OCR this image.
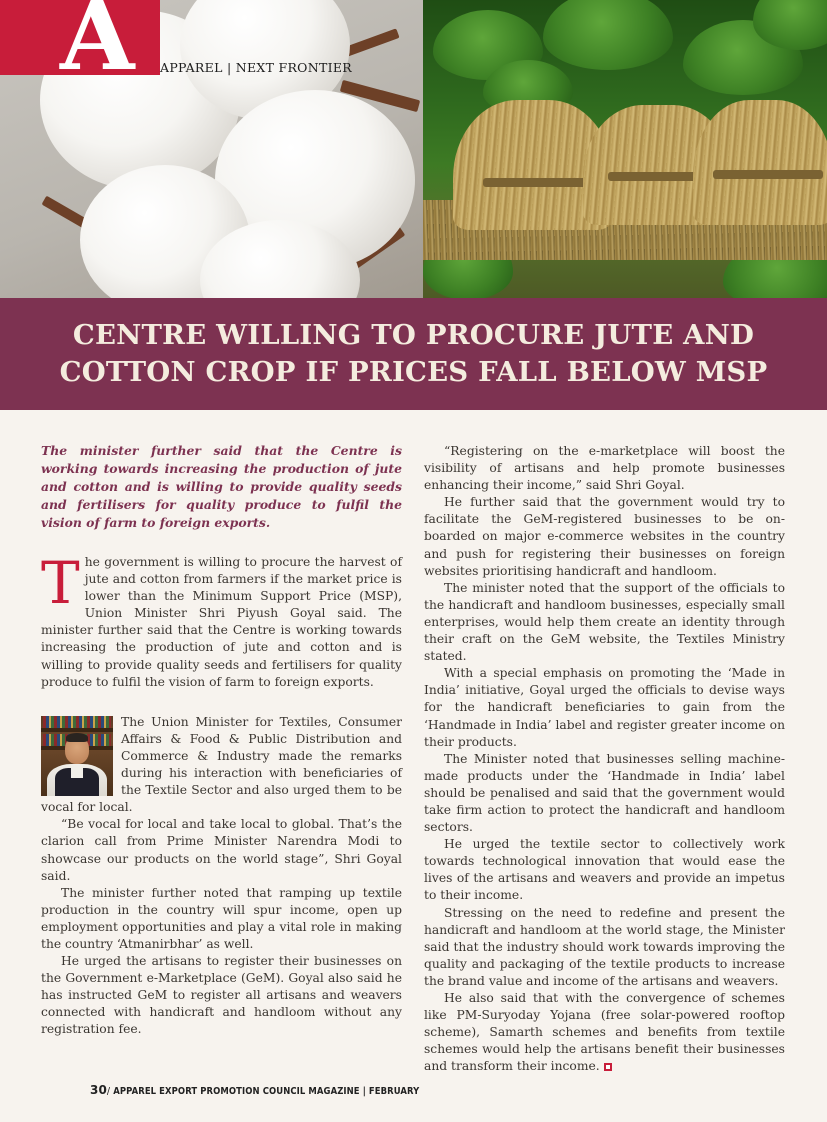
A APPAREL | NEXT FRONTIER
CENTRE WILLING TO PROCURE JUTE AND
COTTON CROP IF PRICES FALL BELOW MSP

The minister further said that the Centre is working towards increasing the production of jute and cotton and is willing to provide quality seeds and fertilisers for quality produce to fulfil the vision of farm to foreign exports.

The government is willing to procure the harvest of jute and cotton from farmers if the market price is lower than the Minimum Support Price (MSP), Union Minister Shri Piyush Goyal said. The minister further said that the Centre is working towards increasing the production of jute and cotton and is willing to provide quality seeds and fertilisers for quality produce to fulfil the vision of farm to foreign exports.

The Union Minister for Textiles, Consumer Affairs & Food & Public Distribution and Commerce & Industry made the remarks during his interaction with beneficiaries of the Textile Sector and also urged them to be vocal for local.

“Be vocal for local and take local to global. That’s the clarion call from Prime Minister Narendra Modi to showcase our products on the world stage”, Shri Goyal said.

The minister further noted that ramping up textile production in the country will spur income, open up employment opportunities and play a vital role in making the country ‘Atmanirbhar’ as well.

He urged the artisans to register their businesses on the Government e-Marketplace (GeM). Goyal also said he has instructed GeM to register all artisans and weavers connected with handicraft and handloom without any registration fee.

“Registering on the e-marketplace will boost the visibility of artisans and help promote businesses enhancing their income,” said Shri Goyal.

He further said that the government would try to facilitate the GeM-registered businesses to be on-boarded on major e-commerce websites in the country and push for registering their businesses on foreign websites prioritising handicraft and handloom.

The minister noted that the support of the officials to the handicraft and handloom businesses, especially small enterprises, would help them create an identity through their craft on the GeM website, the Textiles Ministry stated.

With a special emphasis on promoting the ‘Made in India’ initiative, Goyal urged the officials to devise ways for the handicraft beneficiaries to gain from the ‘Handmade in India’ label and register greater income on their products.

The Minister noted that businesses selling machine-made products under the ‘Handmade in India’ label should be penalised and said that the government would take firm action to protect the handicraft and handloom sectors.

He urged the textile sector to collectively work towards technological innovation that would ease the lives of the artisans and weavers and provide an impetus to their income.

Stressing on the need to redefine and present the handicraft and handloom at the world stage, the Minister said that the industry should work towards improving the quality and packaging of the textile products to increase the brand value and income of the artisans and weavers.

He also said that with the convergence of schemes like PM-Suryoday Yojana (free solar-powered rooftop scheme), Samarth schemes and benefits from textile schemes would help the artisans benefit their businesses and transform their income.

30/ APPAREL EXPORT PROMOTION COUNCIL MAGAZINE | FEBRUARY
